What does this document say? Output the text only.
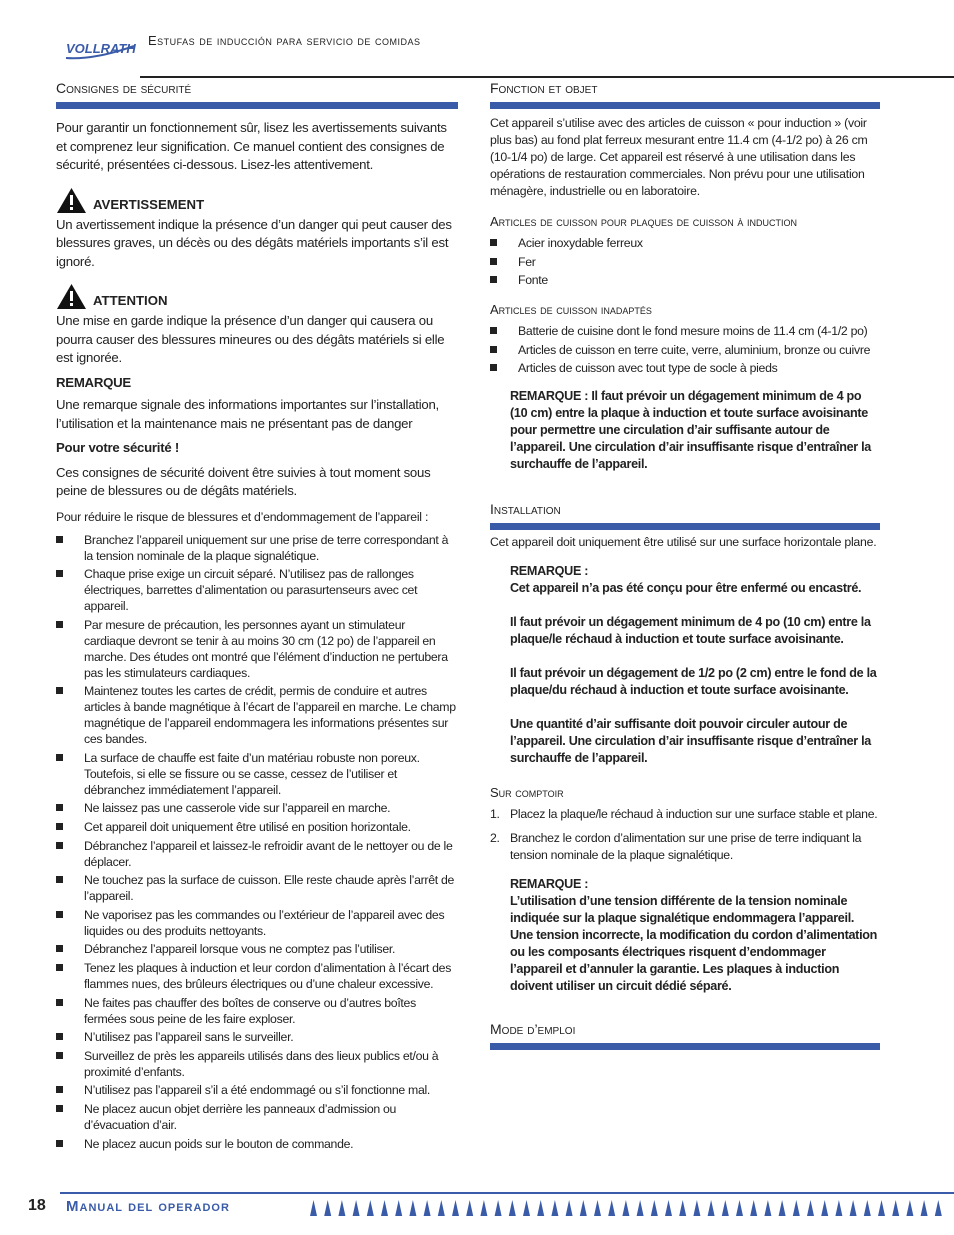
VOLLRATH
Estufas de inducción para servicio de comidas
Consignes de sécurité

Pour garantir un fonctionnement sûr, lisez les avertissements suivants et comprenez leur signification. Ce manuel contient des consignes de sécurité, présentées ci-dessous. Lisez-les attentivement.

AVERTISSEMENT

Un avertissement indique la présence d’un danger qui peut causer des blessures graves, un décès ou des dégâts matériels importants s’il est ignoré.

ATTENTION

Une mise en garde indique la présence d’un danger qui causera ou pourra causer des blessures mineures ou des dégâts matériels si elle est ignorée.

REMARQUE

Une remarque signale des informations importantes sur l’installation, l’utilisation et la maintenance mais ne présentant pas de danger

Pour votre sécurité !

Ces consignes de sécurité doivent être suivies à tout moment sous peine de blessures ou de dégâts matériels.

Pour réduire le risque de blessures et d’endommagement de l’appareil :

Branchez l’appareil uniquement sur une prise de terre correspondant à la tension nominale de la plaque signalétique.
Chaque prise exige un circuit séparé. N’utilisez pas de rallonges électriques, barrettes d’alimentation ou parasurtenseurs avec cet appareil.
Par mesure de précaution, les personnes ayant un stimulateur cardiaque devront se tenir à au moins 30 cm (12 po) de l’appareil en marche. Des études ont montré que l’élément d’induction ne pertubera pas les stimulateurs cardiaques.
Maintenez toutes les cartes de crédit, permis de conduire et autres articles à bande magnétique à l’écart de l’appareil en marche. Le champ magnétique de l’appareil endommagera les informations présentes sur ces bandes.
La surface de chauffe est faite d’un matériau robuste non poreux. Toutefois, si elle se fissure ou se casse, cessez de l’utiliser et débranchez immédiatement l’appareil.
Ne laissez pas une casserole vide sur l’appareil en marche.
Cet appareil doit uniquement être utilisé en position horizontale.
Débranchez l’appareil et laissez-le refroidir avant de le nettoyer ou de le déplacer.
Ne touchez pas la surface de cuisson. Elle reste chaude après l’arrêt de l’appareil.
Ne vaporisez pas les commandes ou l’extérieur de l’appareil avec des liquides ou des produits nettoyants.
Débranchez l’appareil lorsque vous ne comptez pas l’utiliser.
Tenez les plaques à induction et leur cordon d’alimentation à l’écart des flammes nues, des brûleurs électriques ou d’une chaleur excessive.
Ne faites pas chauffer des boîtes de conserve ou d’autres boîtes fermées sous peine de les faire exploser.
N’utilisez pas l’appareil sans le surveiller.
Surveillez de près les appareils utilisés dans des lieux publics et/ou à proximité d’enfants.
N’utilisez pas l’appareil s’il a été endommagé ou s’il fonctionne mal.
Ne placez aucun objet derrière les panneaux d’admission ou d’évacuation d’air.
Ne placez aucun poids sur le bouton de commande.
Fonction et objet

Cet appareil s’utilise avec des articles de cuisson « pour induction » (voir plus bas) au fond plat ferreux mesurant entre 11.4 cm (4-1/2 po) à 26 cm (10-1/4 po) de large. Cet appareil est réservé à une utilisation dans les opérations de restauration commerciales. Non prévu pour une utilisation ménagère, industrielle ou en laboratoire.

Articles de cuisson pour plaques de cuisson à induction
Acier inoxydable ferreux
Fer
Fonte
Articles de cuisson inadaptés
Batterie de cuisine dont le fond mesure moins de 11.4 cm (4-1/2 po)
Articles de cuisson en terre cuite, verre, aluminium, bronze ou cuivre
Articles de cuisson avec tout type de socle à pieds

REMARQUE : Il faut prévoir un dégagement minimum de 4 po (10 cm) entre la plaque à induction et toute surface avoisinante pour permettre une circulation d’air suffisante autour de l’appareil. Une circulation d’air insuffisante risque d’entraîner la surchauffe de l’appareil.

Installation

Cet appareil doit uniquement être utilisé sur une surface horizontale plane.

REMARQUE :
Cet appareil n’a pas été conçu pour être enfermé ou encastré.
Il faut prévoir un dégagement minimum de 4 po (10 cm) entre la plaque/le réchaud à induction et toute surface avoisinante.
Il faut prévoir un dégagement de 1/2 po (2 cm) entre le fond de la plaque/du réchaud à induction et toute surface avoisinante.
Une quantité d’air suffisante doit pouvoir circuler autour de l’appareil. Une circulation d’air insuffisante risque d’entraîner la surchauffe de l’appareil.
Sur comptoir
1. Placez la plaque/le réchaud à induction sur une surface stable et plane.
2. Branchez le cordon d’alimentation sur une prise de terre indiquant la tension nominale de la plaque signalétique.
REMARQUE :
L’utilisation d’une tension différente de la tension nominale indiquée sur la plaque signalétique endommagera l’appareil. Une tension incorrecte, la modification du cordon d’alimentation ou les composants électriques risquent d’endommager l’appareil et d’annuler la garantie. Les plaques à induction doivent utiliser un circuit dédié séparé.
Mode d’emploi
18 Manual del operador
